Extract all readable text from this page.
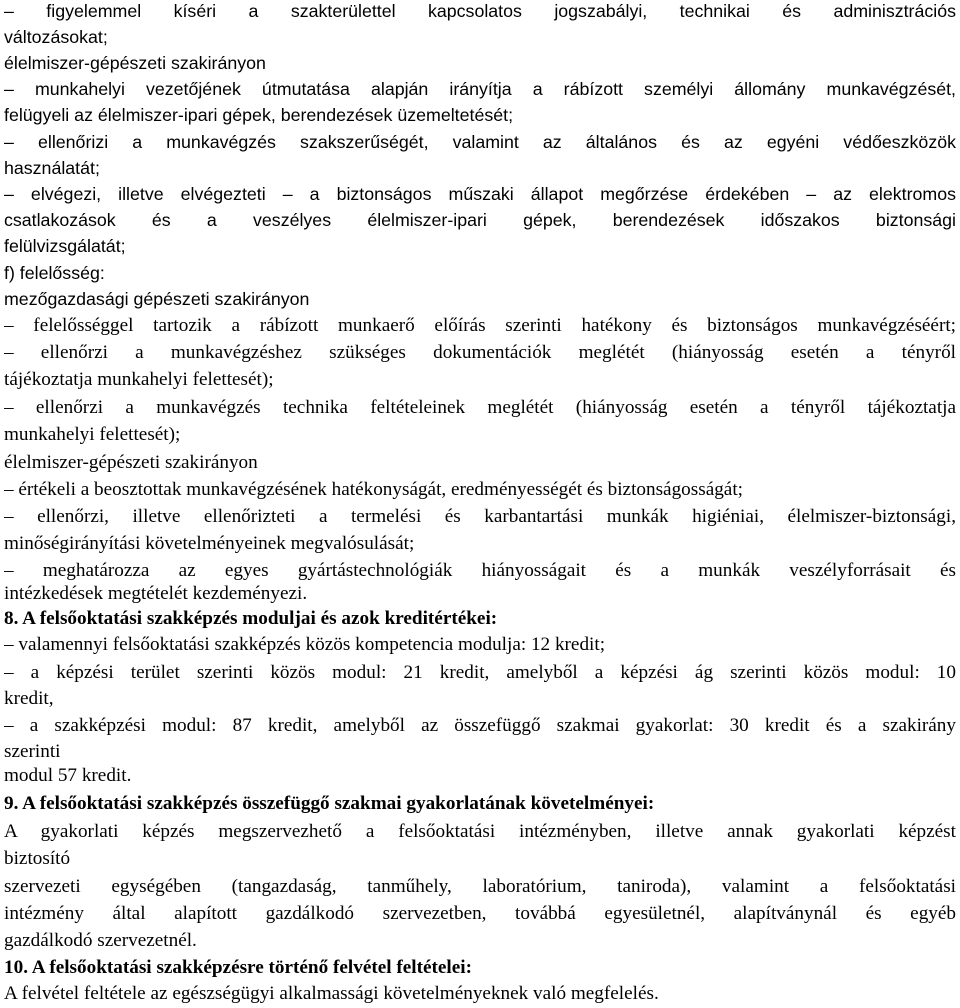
– figyelemmel kíséri a szakterülettel kapcsolatos jogszabályi, technikai és adminisztrációs
változásokat;
élelmiszer-gépészeti szakirányon
– munkahelyi vezetőjének útmutatása alapján irányítja a rábízott személyi állomány munkavégzését,
felügyeli az élelmiszer-ipari gépek, berendezések üzemeltetését;
– ellenőrizi a munkavégzés szakszerűségét, valamint az általános és az egyéni védőeszközök
használatát;
– elvégezi, illetve elvégezteti – a biztonságos műszaki állapot megőrzése érdekében – az elektromos
csatlakozások és a veszélyes élelmiszer-ipari gépek, berendezések időszakos biztonsági
felülvizsgálatát;
f) felelősség:
mezőgazdasági gépészeti szakirányon
– felelősséggel tartozik a rábízott munkaerő előírás szerinti hatékony és biztonságos munkavégzéséért;
– ellenőrzi a munkavégzéshez szükséges dokumentációk meglétét (hiányosság esetén a tényről
tájékoztatja munkahelyi felettesét);
– ellenőrzi a munkavégzés technika feltételeinek meglétét (hiányosság esetén a tényről tájékoztatja
munkahelyi felettesét);
élelmiszer-gépészeti szakirányon
– értékeli a beosztottak munkavégzésének hatékonyságát, eredményességét és biztonságosságát;
– ellenőrzi, illetve ellenőrizteti a termelési és karbantartási munkák higiéniai, élelmiszer-biztonsági,
minőségirányítási követelményeinek megvalósulását;
– meghatározza az egyes gyártástechnológiák hiányosságait és a munkák veszélyforrásait és
intézkedések megtételét kezdeményezi.
8. A felsőoktatási szakképzés moduljai és azok kreditértékei:
– valamennyi felsőoktatási szakképzés közös kompetencia modulja: 12 kredit;
– a képzési terület szerinti közös modul: 21 kredit, amelyből a képzési ág szerinti közös modul: 10
kredit,
– a szakképzési modul: 87 kredit, amelyből az összefüggő szakmai gyakorlat: 30 kredit és a szakirány
szerinti
modul 57 kredit.
9. A felsőoktatási szakképzés összefüggő szakmai gyakorlatának követelményei:
A gyakorlati képzés megszervezhető a felsőoktatási intézményben, illetve annak gyakorlati képzést
biztosító
szervezeti egységében (tangazdaság, tanműhely, laboratórium, tanirodа), valamint a felsőoktatási
intézmény által alapított gazdálkodó szervezetben, továbbá egyesületnél, alapítványnál és egyéb
gazdálkodó szervezetnél.
10. A felsőoktatási szakképzésre történő felvétel feltételei:
A felvétel feltétele az egészségügyi alkalmassági követelményeknek való megfelelés.
